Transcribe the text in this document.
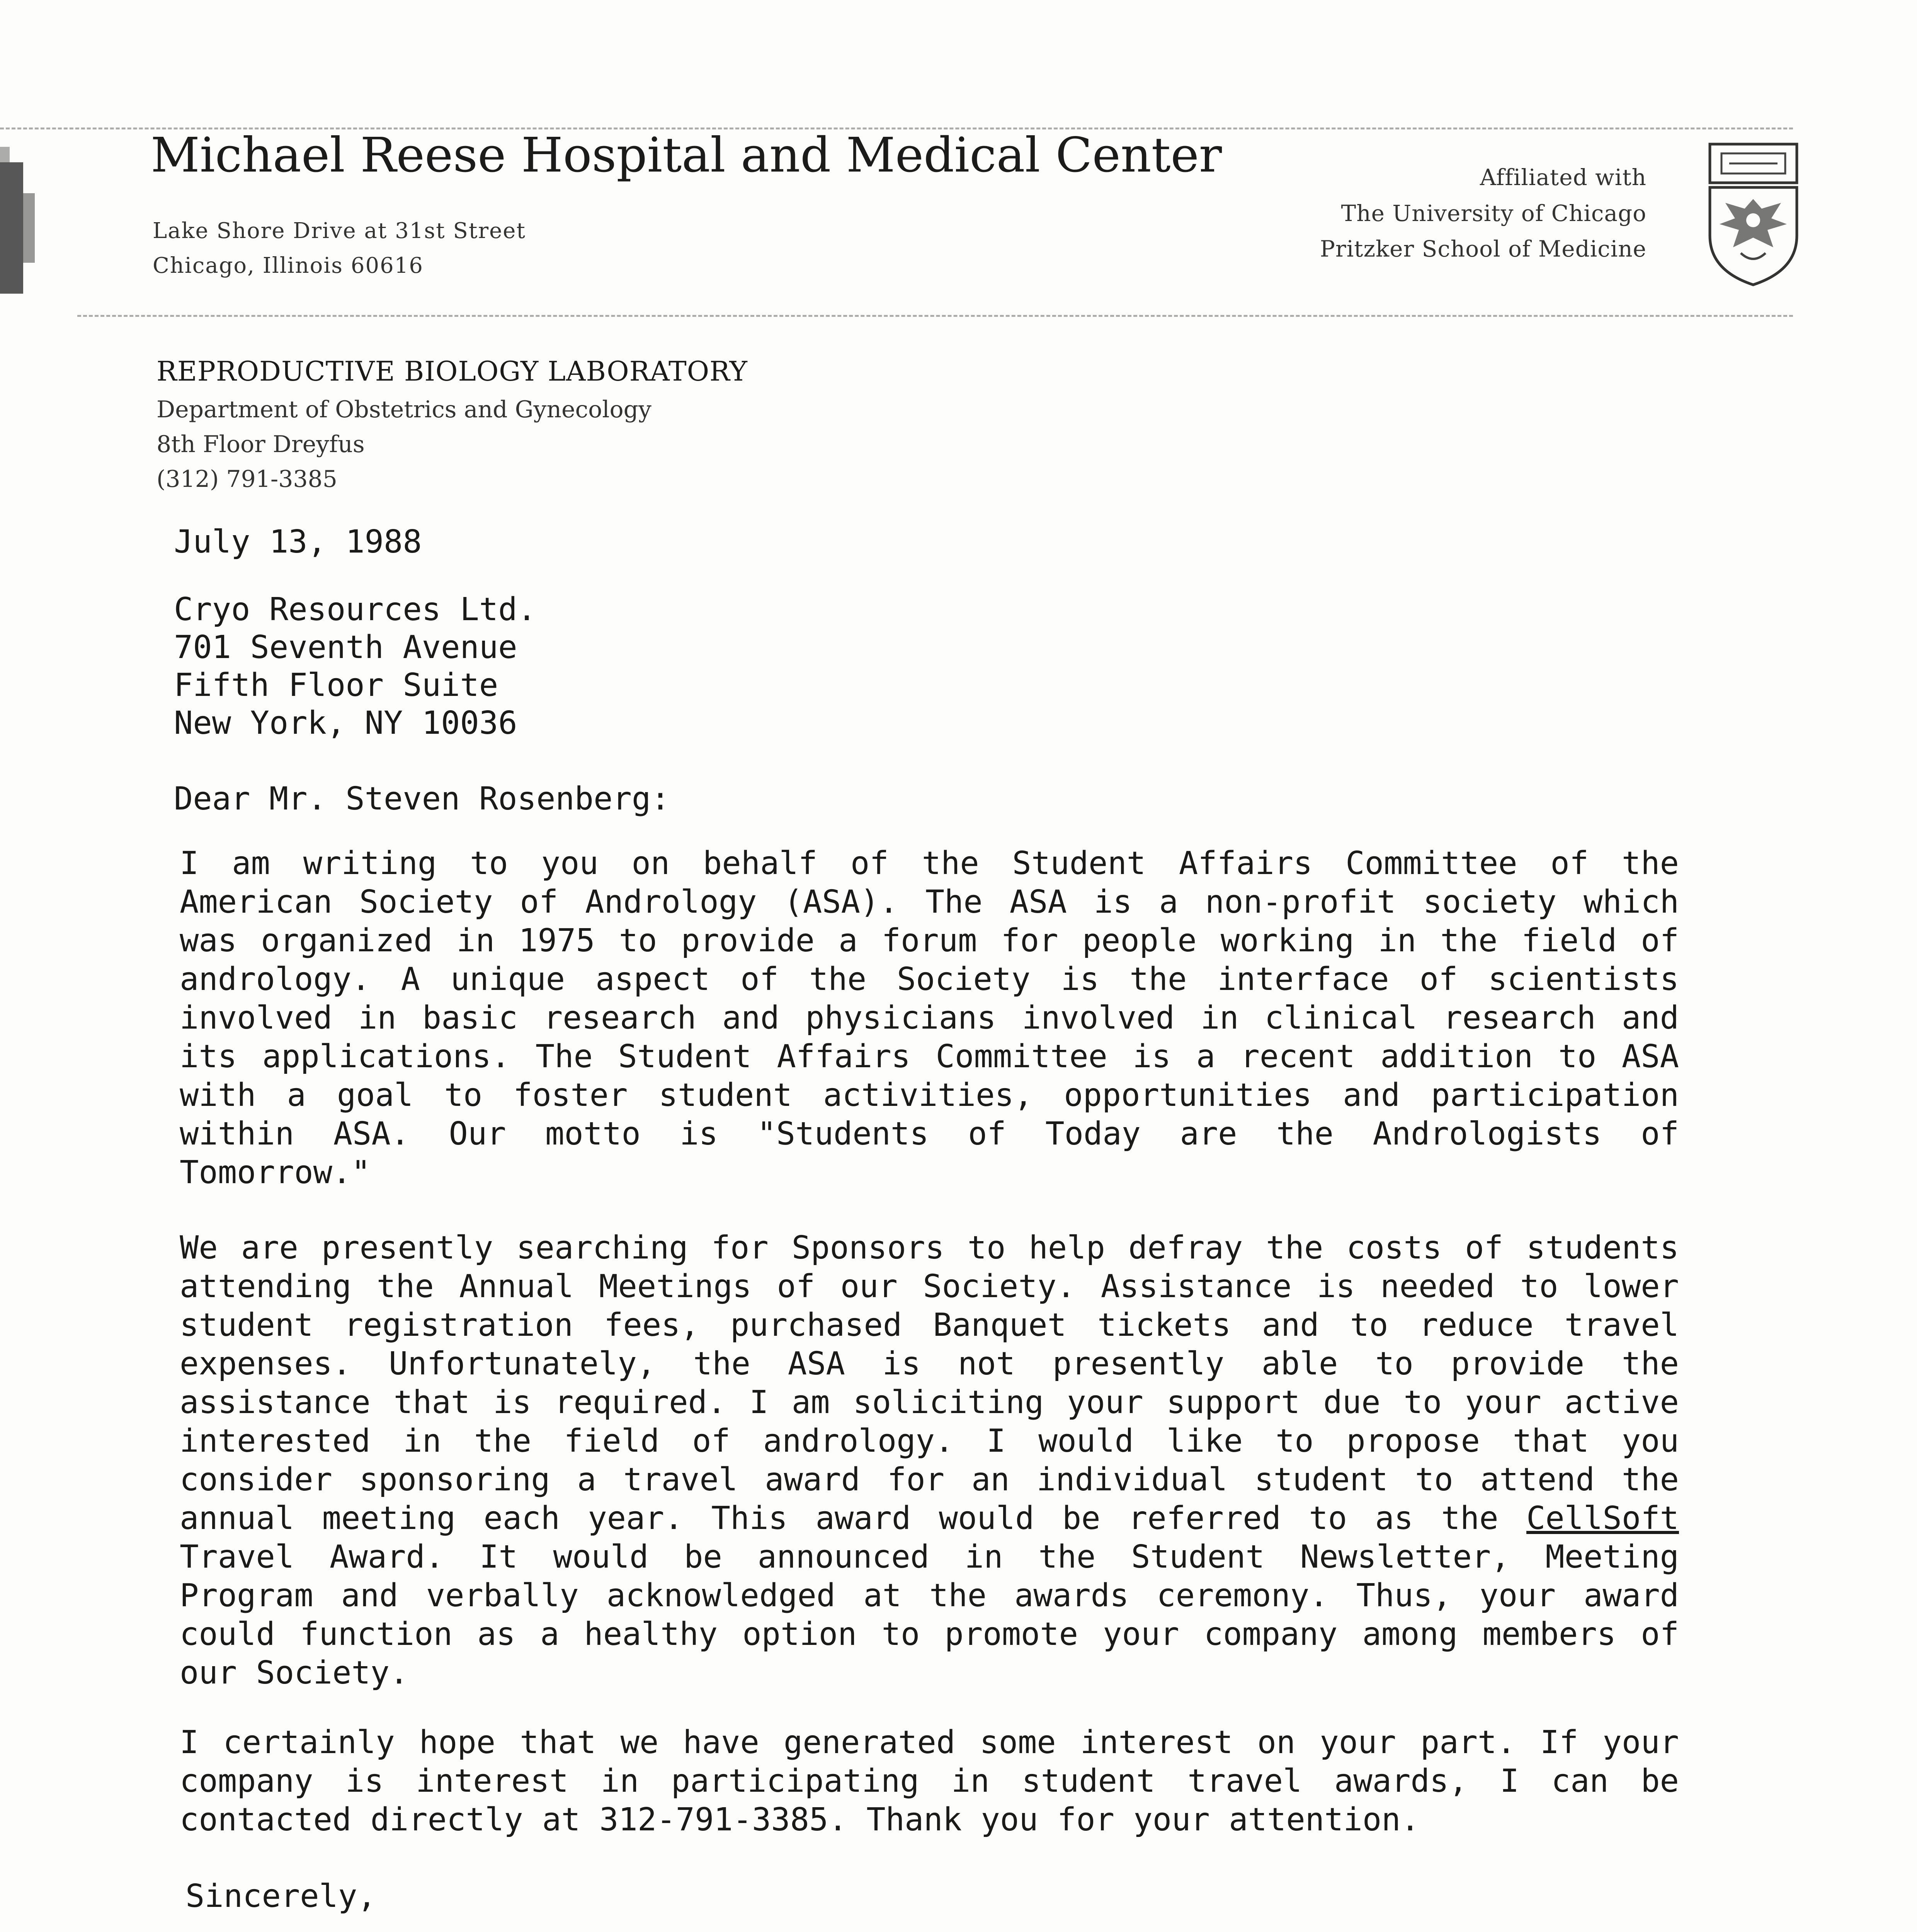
Michael Reese Hospital and Medical Center
Lake Shore Drive at 31st Street
Chicago, Illinois 60616
Affiliated with
The University of Chicago
Pritzker School of Medicine
REPRODUCTIVE BIOLOGY LABORATORY
Department of Obstetrics and Gynecology
8th Floor Dreyfus
(312) 791-3385
July 13, 1988
Cryo Resources Ltd.
701 Seventh Avenue
Fifth Floor Suite
New York, NY 10036
Dear Mr. Steven Rosenberg:
I am writing to you on behalf of the Student Affairs Committee of the
American Society of Andrology (ASA). The ASA is a non-profit society which
was organized in 1975 to provide a forum for people working in the field of
andrology. A unique aspect of the Society is the interface of scientists
involved in basic research and physicians involved in clinical research and
its applications. The Student Affairs Committee is a recent addition to ASA
with a goal to foster student activities, opportunities and participation
within ASA. Our motto is "Students of Today are the Andrologists of
Tomorrow."
We are presently searching for Sponsors to help defray the costs of students
attending the Annual Meetings of our Society. Assistance is needed to lower
student registration fees, purchased Banquet tickets and to reduce travel
expenses. Unfortunately, the ASA is not presently able to provide the
assistance that is required. I am soliciting your support due to your active
interested in the field of andrology. I would like to propose that you
consider sponsoring a travel award for an individual student to attend the
annual meeting each year. This award would be referred to as the CellSoft
Travel Award. It would be announced in the Student Newsletter, Meeting
Program and verbally acknowledged at the awards ceremony. Thus, your award
could function as a healthy option to promote your company among members of
our Society.
I certainly hope that we have generated some interest on your part. If your
company is interest in participating in student travel awards, I can be
contacted directly at 312-791-3385. Thank you for your attention.
Sincerely,
